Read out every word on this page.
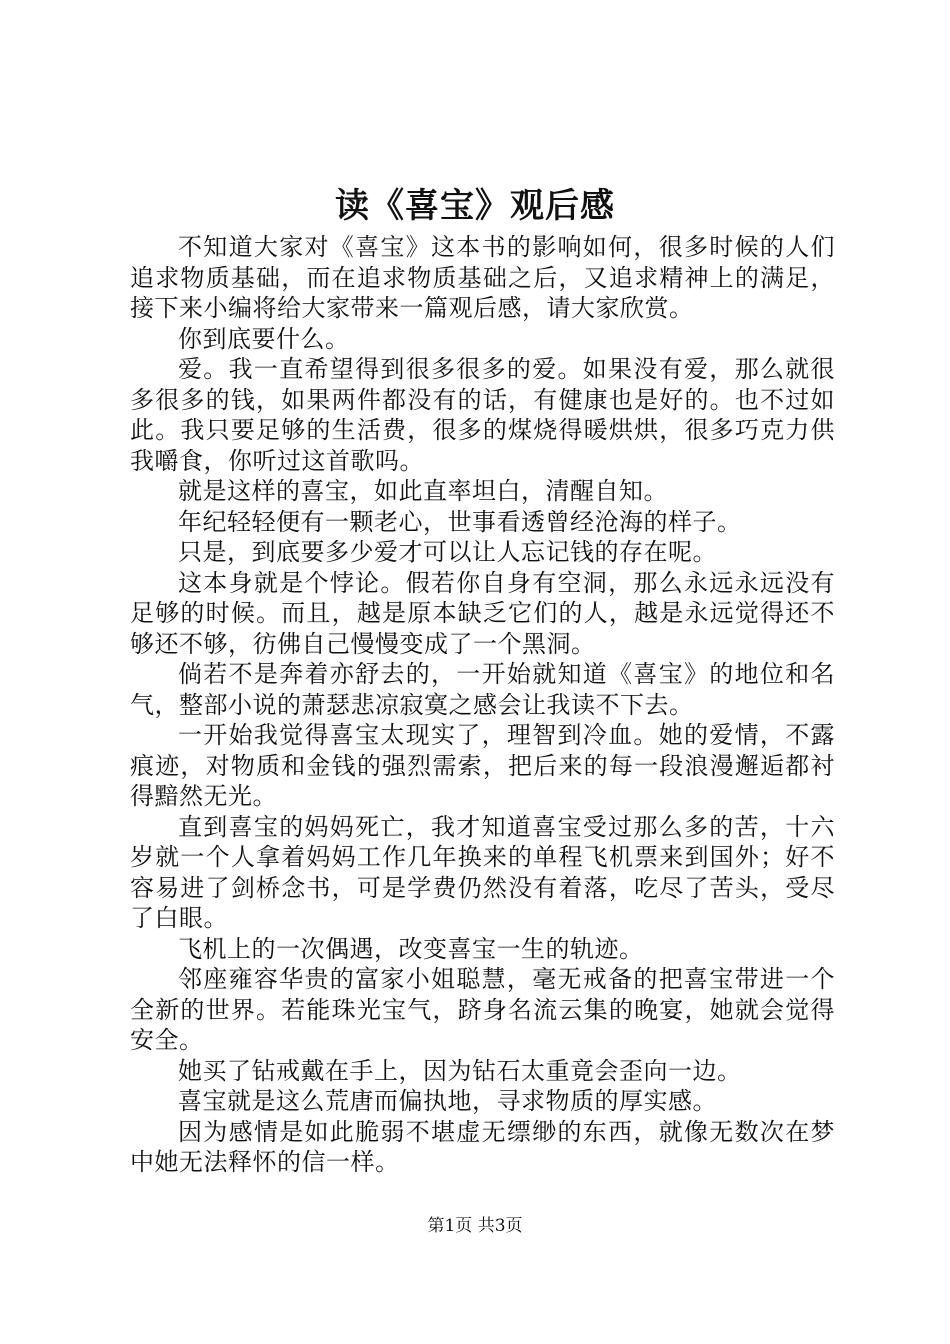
读《喜宝》观后感

不知道大家对《喜宝》这本书的影响如何，很多时候的人们追求物质基础，而在追求物质基础之后，又追求精神上的满足，接下来小编将给大家带来一篇观后感，请大家欣赏。

你到底要什么。

爱。我一直希望得到很多很多的爱。如果没有爱，那么就很多很多的钱，如果两件都没有的话，有健康也是好的。也不过如此。我只要足够的生活费，很多的煤烧得暖烘烘，很多巧克力供我嚼食，你听过这首歌吗。

就是这样的喜宝，如此直率坦白，清醒自知。

年纪轻轻便有一颗老心，世事看透曾经沧海的样子。

只是，到底要多少爱才可以让人忘记钱的存在呢。

这本身就是个悖论。假若你自身有空洞，那么永远永远没有足够的时候。而且，越是原本缺乏它们的人，越是永远觉得还不够还不够，彷佛自己慢慢变成了一个黑洞。

倘若不是奔着亦舒去的，一开始就知道《喜宝》的地位和名气，整部小说的萧瑟悲凉寂寞之感会让我读不下去。

一开始我觉得喜宝太现实了，理智到冷血。她的爱情，不露痕迹，对物质和金钱的强烈需索，把后来的每一段浪漫邂逅都衬得黯然无光。

直到喜宝的妈妈死亡，我才知道喜宝受过那么多的苦，十六岁就一个人拿着妈妈工作几年换来的单程飞机票来到国外；好不容易进了剑桥念书，可是学费仍然没有着落，吃尽了苦头，受尽了白眼。

飞机上的一次偶遇，改变喜宝一生的轨迹。

邻座雍容华贵的富家小姐聪慧，毫无戒备的把喜宝带进一个全新的世界。若能珠光宝气，跻身名流云集的晚宴，她就会觉得安全。

她买了钻戒戴在手上，因为钻石太重竟会歪向一边。

喜宝就是这么荒唐而偏执地，寻求物质的厚实感。

因为感情是如此脆弱不堪虚无缥缈的东西，就像无数次在梦中她无法释怀的信一样。

第1页 共3页
